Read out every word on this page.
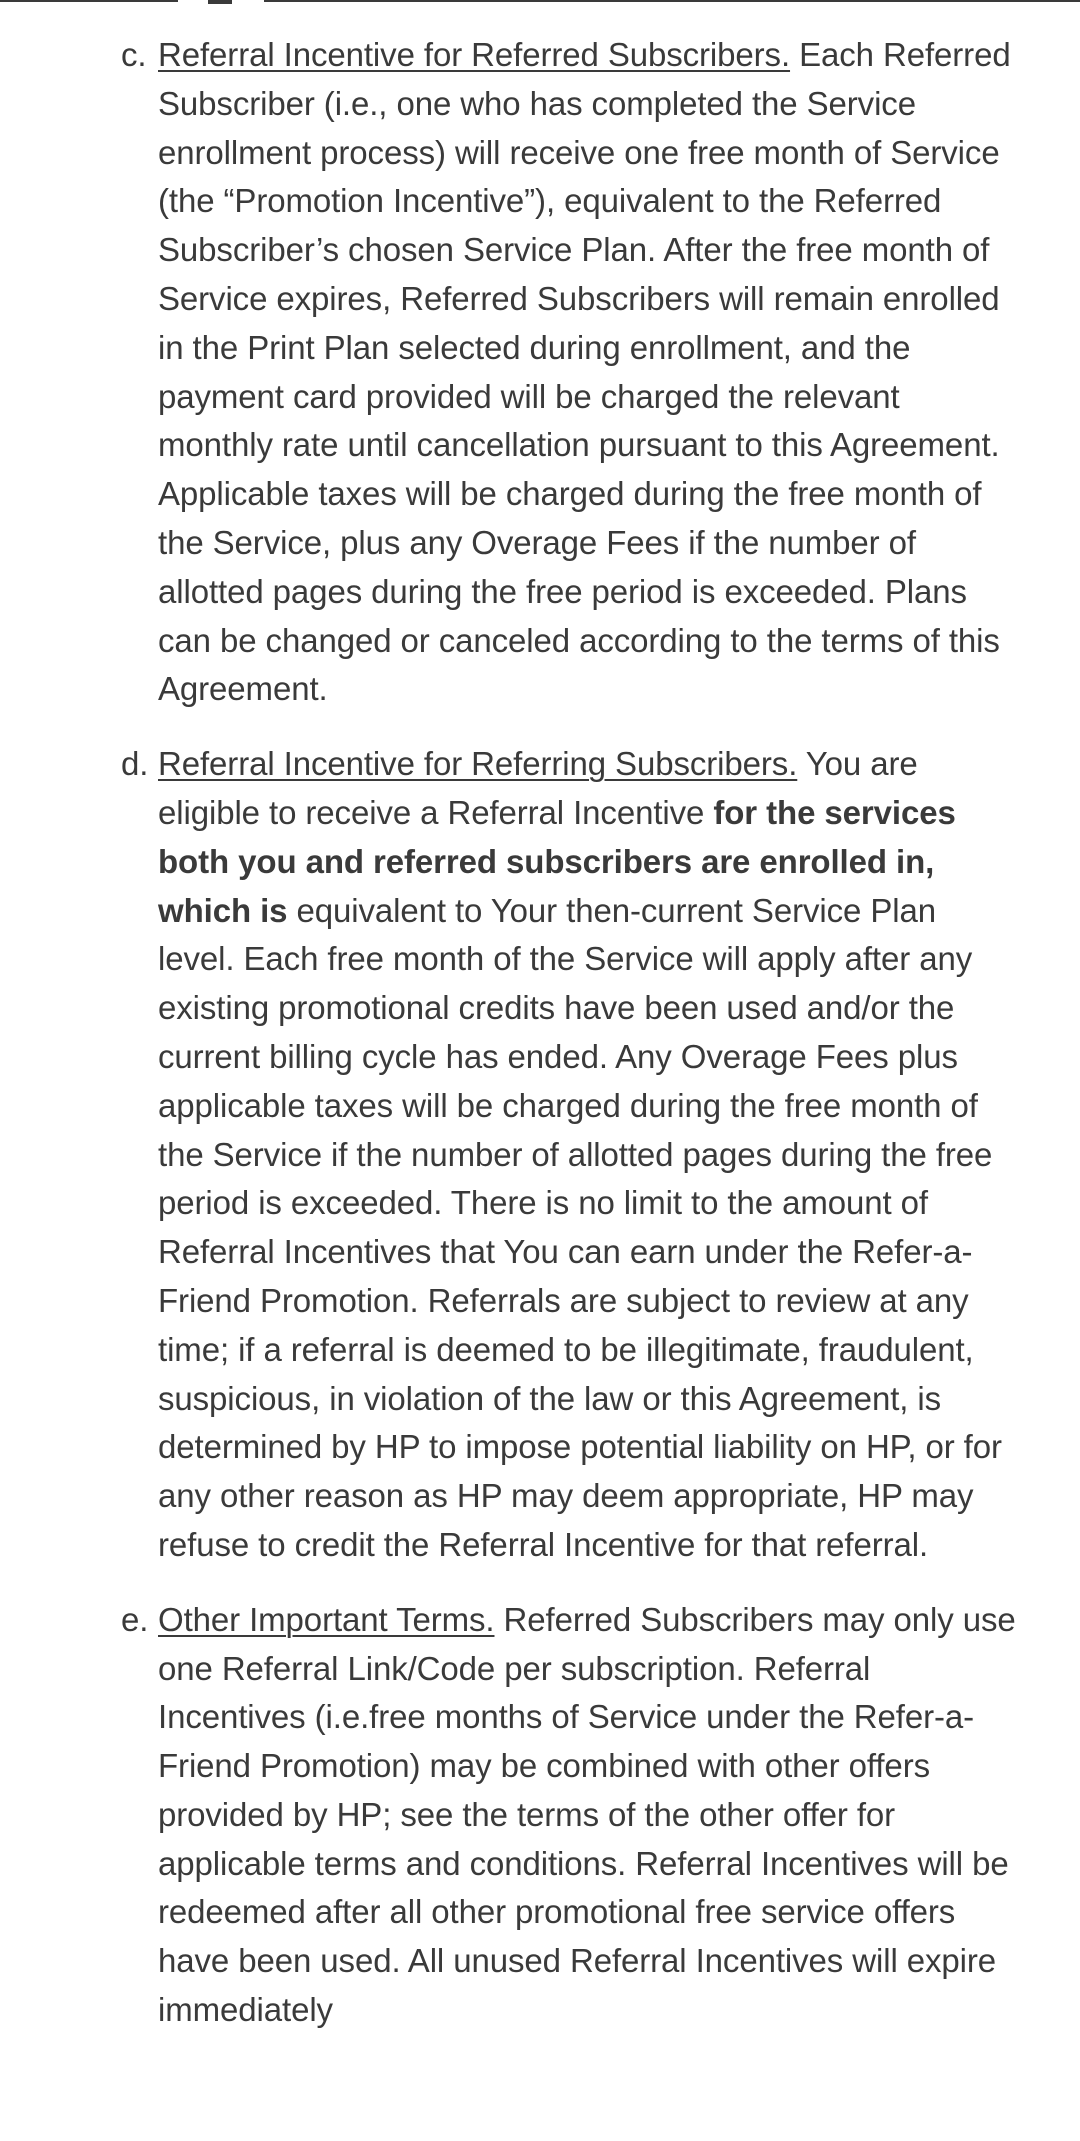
c. Referral Incentive for Referred Subscribers. Each Referred Subscriber (i.e., one who has completed the Service enrollment process) will receive one free month of Service (the “Promotion Incentive”), equivalent to the Referred Subscriber’s chosen Service Plan. After the free month of Service expires, Referred Subscribers will remain enrolled in the Print Plan selected during enrollment, and the payment card provided will be charged the relevant monthly rate until cancellation pursuant to this Agreement. Applicable taxes will be charged during the free month of the Service, plus any Overage Fees if the number of allotted pages during the free period is exceeded. Plans can be changed or canceled according to the terms of this Agreement.
d. Referral Incentive for Referring Subscribers. You are eligible to receive a Referral Incentive for the services both you and referred subscribers are enrolled in, which is equivalent to Your then-current Service Plan level. Each free month of the Service will apply after any existing promotional credits have been used and/or the current billing cycle has ended. Any Overage Fees plus applicable taxes will be charged during the free month of the Service if the number of allotted pages during the free period is exceeded. There is no limit to the amount of Referral Incentives that You can earn under the Refer-a-Friend Promotion. Referrals are subject to review at any time; if a referral is deemed to be illegitimate, fraudulent, suspicious, in violation of the law or this Agreement, is determined by HP to impose potential liability on HP, or for any other reason as HP may deem appropriate, HP may refuse to credit the Referral Incentive for that referral.
e. Other Important Terms. Referred Subscribers may only use one Referral Link/Code per subscription. Referral Incentives (i.e.free months of Service under the Refer-a-Friend Promotion) may be combined with other offers provided by HP; see the terms of the other offer for applicable terms and conditions. Referral Incentives will be redeemed after all other promotional free service offers have been used. All unused Referral Incentives will expire immediately
